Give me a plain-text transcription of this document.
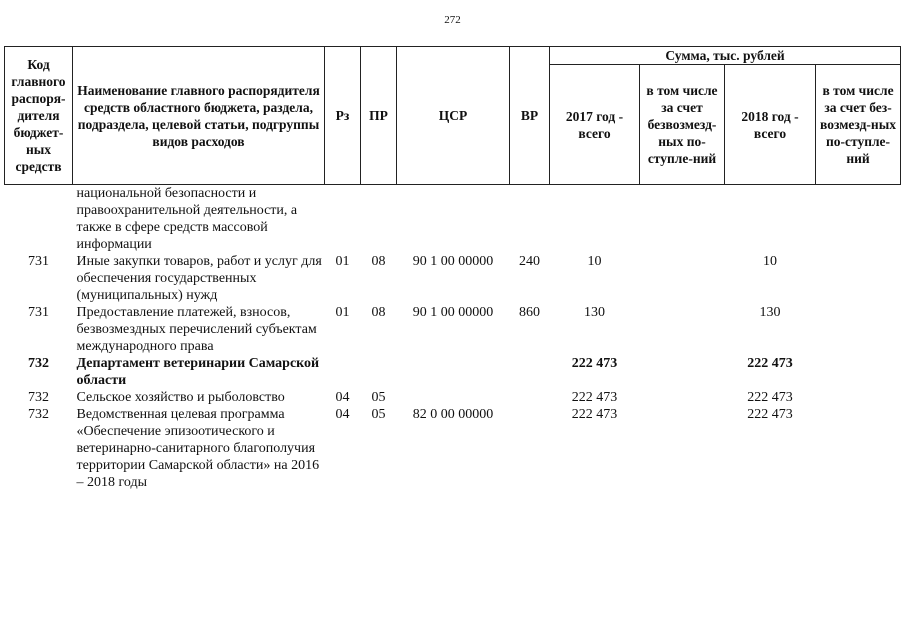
272
Код главного распоря-дителя бюджет-ных средств	Наименование главного распорядителя средств областного бюджета, раздела, подраздела, целевой статьи, подгруппы видов расходов	Рз	ПР	ЦСР	ВР	Сумма, тыс. рублей			
						2017 год - всего	в том числе за счет безвозмезд-ных по-ступле-ний	2018 год - всего	в том числе за счет без-возмезд-ных по-ступле-ний
	национальной безопасности и правоохранительной деятельности, а также в сфере средств массовой информации								
731	Иные закупки товаров, работ и услуг для обеспечения государственных (муниципальных) нужд	01	08	90 1 00 00000	240	10		10	
731	Предоставление платежей, взносов, безвозмездных перечислений субъектам международного права	01	08	90 1 00 00000	860	130		130	
732	Департамент ветеринарии Самарской области					222 473		222 473	
732	Сельское хозяйство и рыболовство	04	05			222 473		222 473	
732	Ведомственная целевая программа «Обеспечение эпизоотического и ветеринарно-санитарного благополучия территории Самарской области» на 2016 – 2018 годы	04	05	82 0 00 00000		222 473		222 473	
